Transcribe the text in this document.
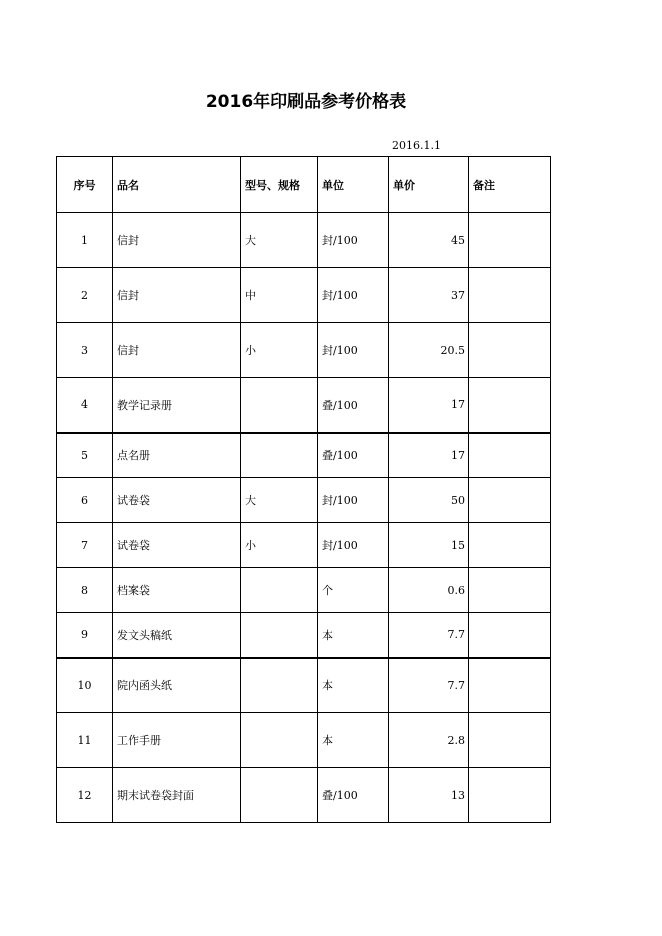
2016年印刷品参考价格表
2016.1.1
序号	品名	型号、规格	单位	单价	备注
1	信封	大	封/100	45	
2	信封	中	封/100	37	
3	信封	小	封/100	20.5	
4	教学记录册		叠/100	17	
5	点名册		叠/100	17	
6	试卷袋	大	封/100	50	
7	试卷袋	小	封/100	15	
8	档案袋		个	0.6	
9	发文头稿纸		本	7.7	
10	院内函头纸		本	7.7	
11	工作手册		本	2.8	
12	期末试卷袋封面		叠/100	13	
